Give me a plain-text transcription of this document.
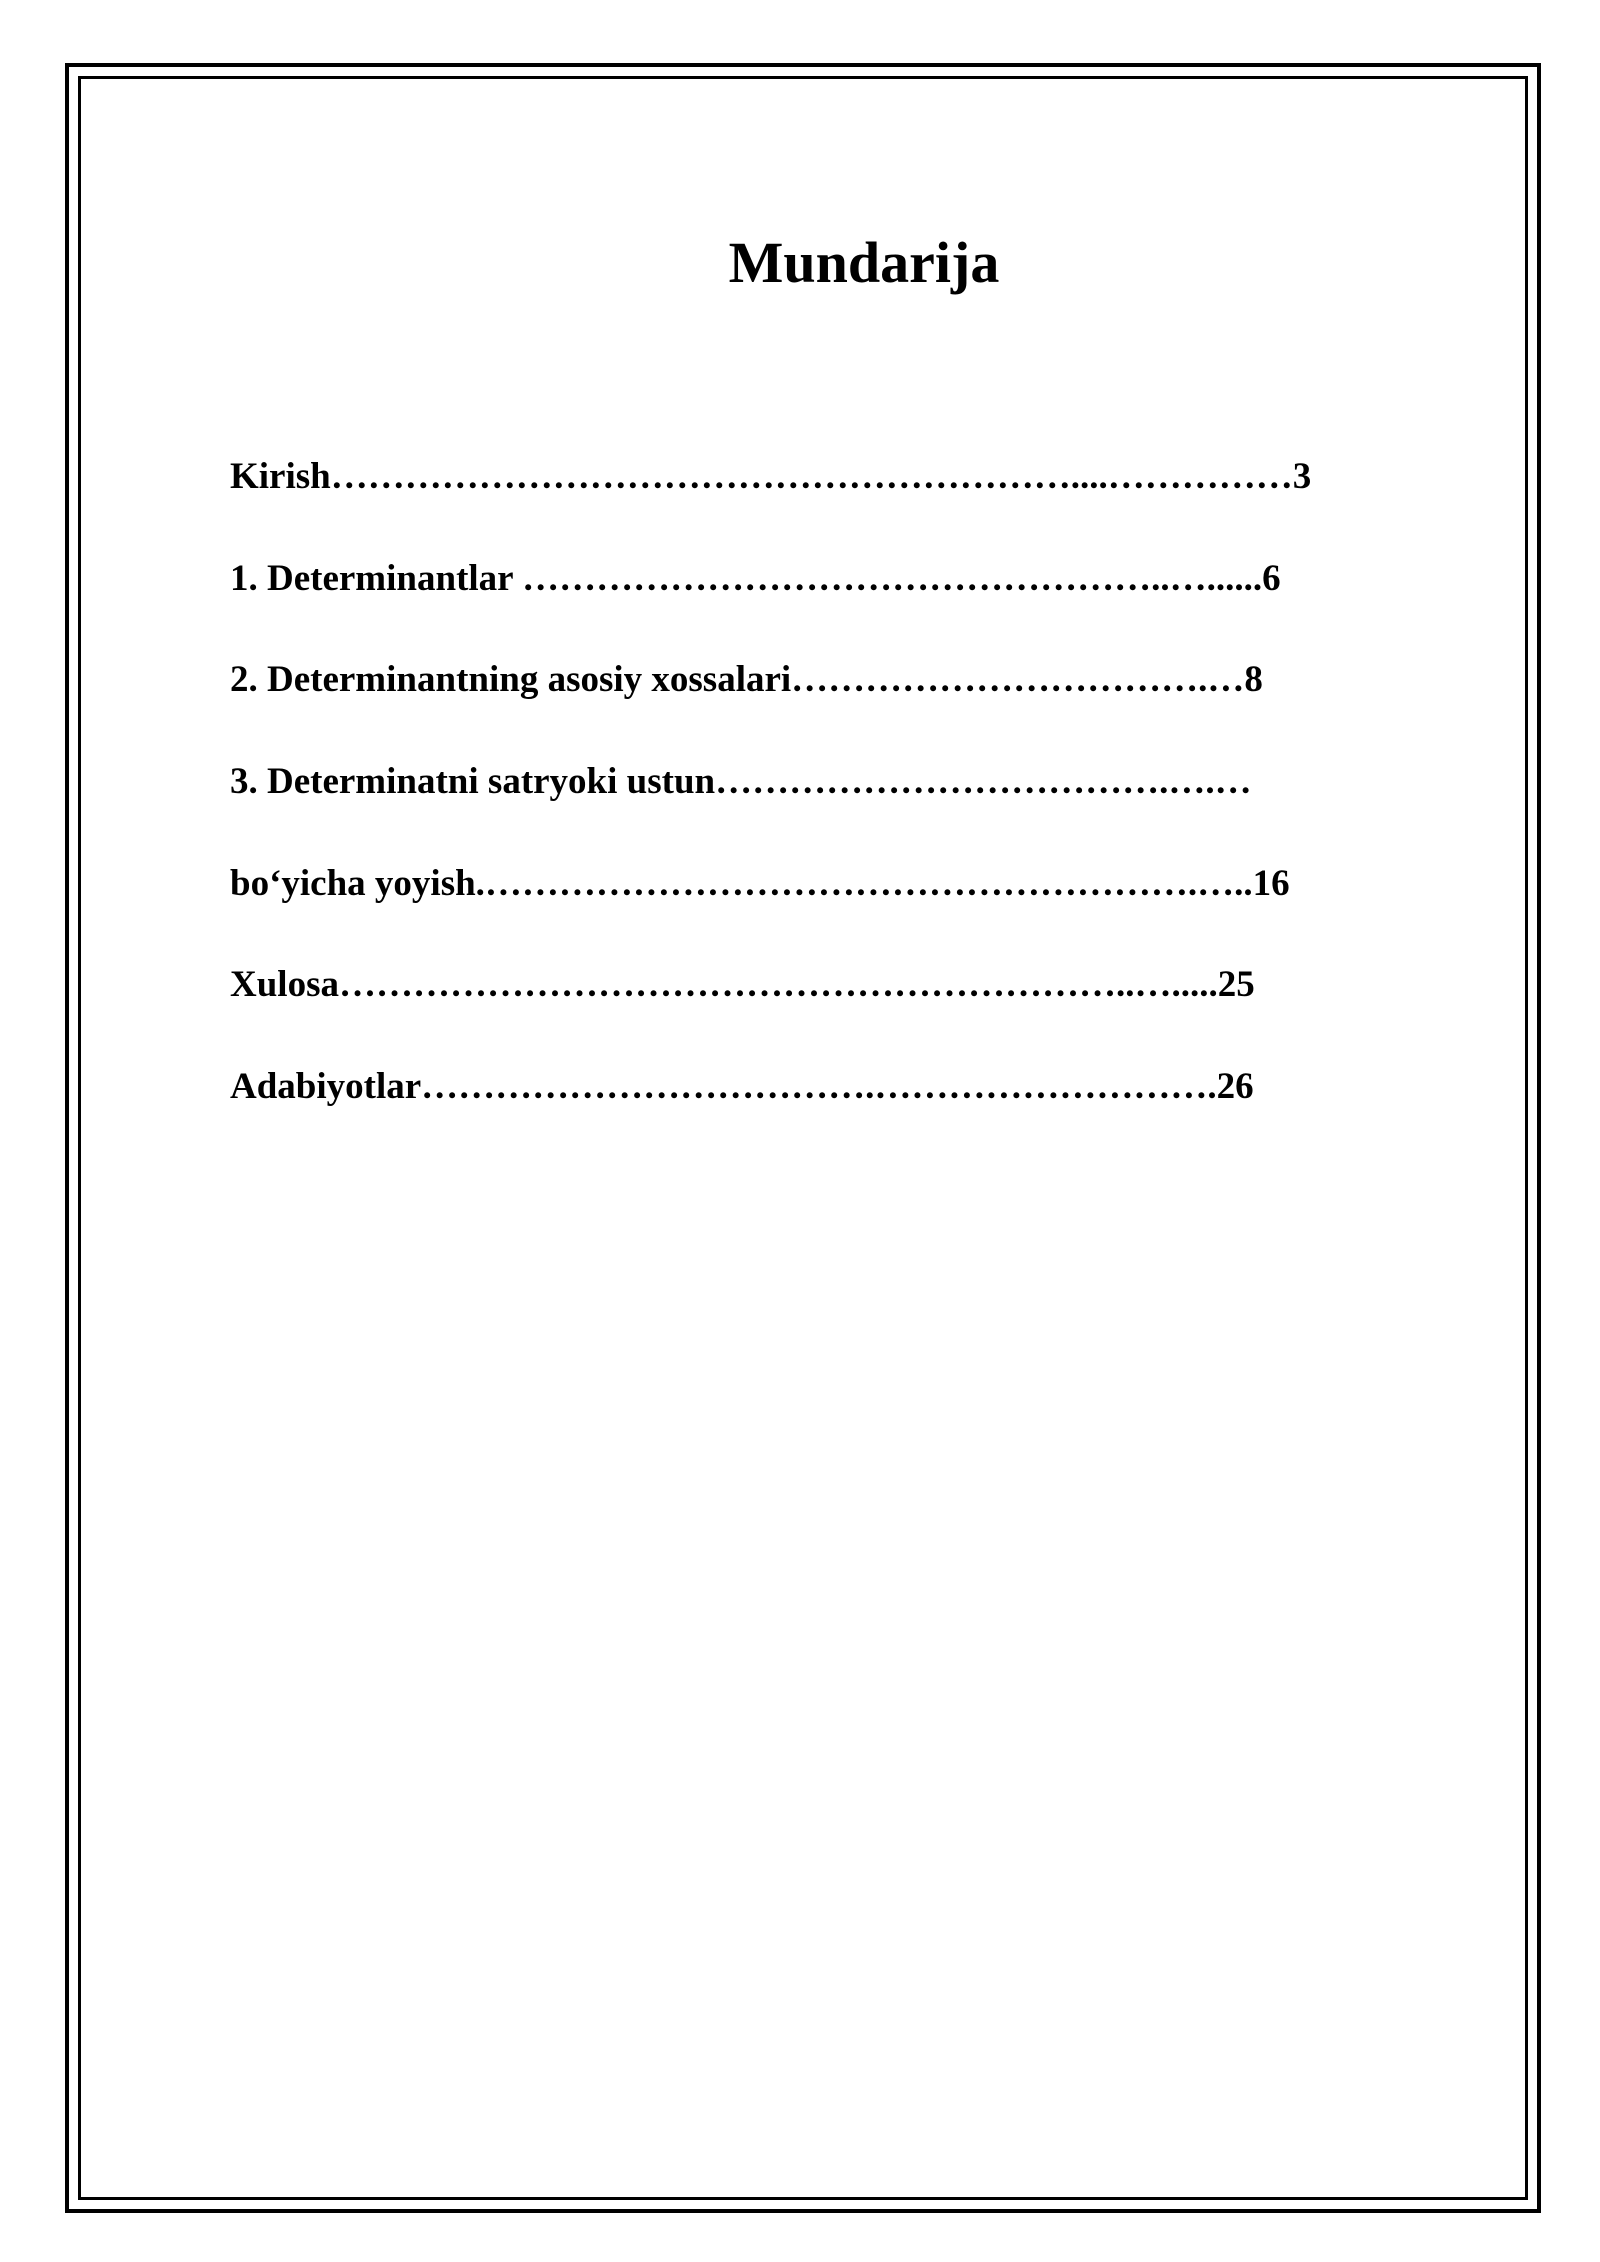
Mundarija

Kirish……………………………………………………....……………3

1. Determinantlar ……………………………………………..…......6

2. Determinantning asosiy xossalari…………………………….…8

3. Determinatni satryoki ustun……………………………….….…

bo‘yicha yoyish.………………………………………………….…..16

Xulosa………………………………………………………..….....25

Adabiyotlar……………………………….……………………….26
